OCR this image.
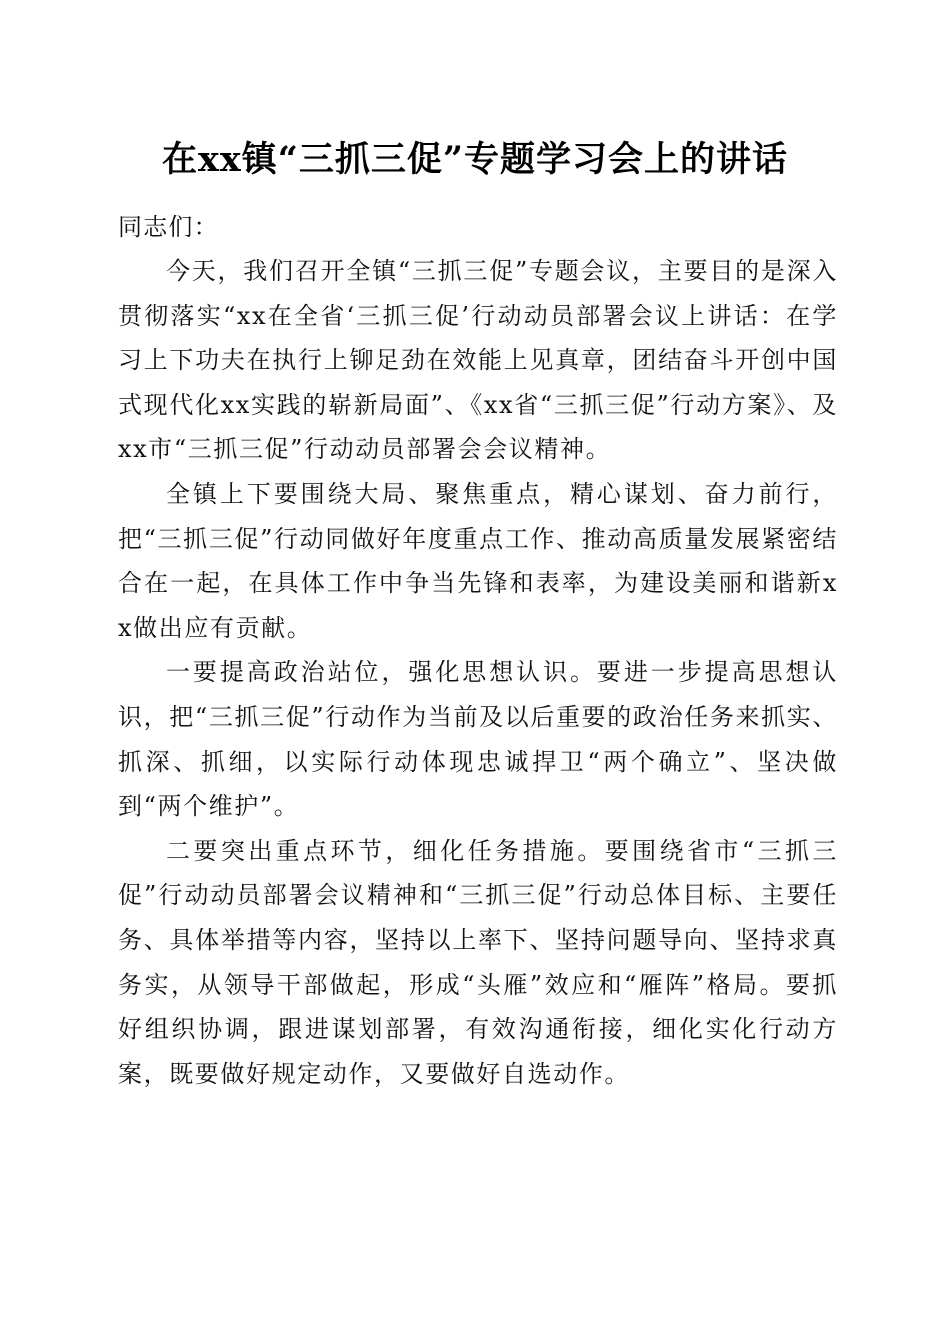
在xx镇“三抓三促”专题学习会上的讲话

同志们：

今天，我们召开全镇“三抓三促”专题会议，主要目的是深入贯彻落实“xx在全省‘三抓三促’行动动员部署会议上讲话：在学习上下功夫在执行上铆足劲在效能上见真章，团结奋斗开创中国式现代化xx实践的崭新局面”、《xx省“三抓三促”行动方案》、及xx市“三抓三促”行动动员部署会会议精神。

全镇上下要围绕大局、聚焦重点，精心谋划、奋力前行，把“三抓三促”行动同做好年度重点工作、推动高质量发展紧密结合在一起，在具体工作中争当先锋和表率，为建设美丽和谐新xx做出应有贡献。

一要提高政治站位，强化思想认识。要进一步提高思想认识，把“三抓三促”行动作为当前及以后重要的政治任务来抓实、抓深、抓细，以实际行动体现忠诚捍卫“两个确立”、坚决做到“两个维护”。

二要突出重点环节，细化任务措施。要围绕省市“三抓三促”行动动员部署会议精神和“三抓三促”行动总体目标、主要任务、具体举措等内容，坚持以上率下、坚持问题导向、坚持求真务实，从领导干部做起，形成“头雁”效应和“雁阵”格局。要抓好组织协调，跟进谋划部署，有效沟通衔接，细化实化行动方案，既要做好规定动作，又要做好自选动作。
